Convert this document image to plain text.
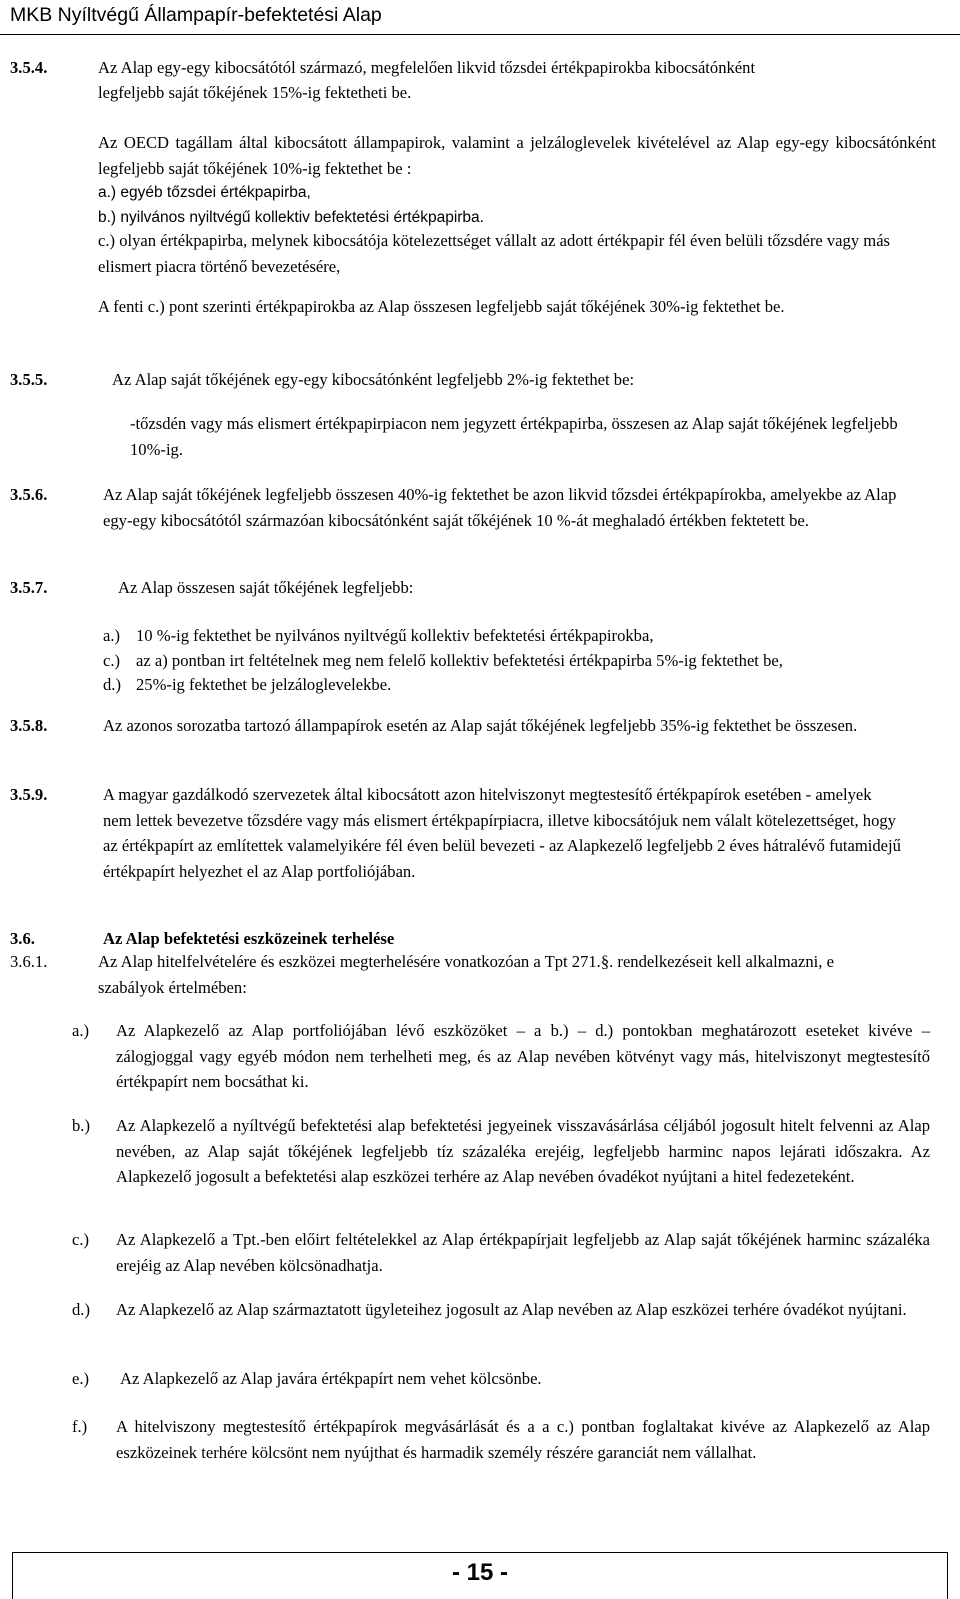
MKB Nyíltvégű Állampapír-befektetési Alap
3.5.4.	Az Alap egy-egy kibocsátótól származó, megfelelően likvid tőzsdei értékpapirokba kibocsátónként
legfeljebb saját tőkéjének 15%-ig fektetheti be.
Az OECD tagállam által kibocsátott állampapirok, valamint a jelzáloglevelek kivételével az Alap egy-egy kibocsátónként legfeljebb saját tőkéjének 10%-ig fektethet be :
a.) egyéb tőzsdei értékpapirba,
b.) nyilvános nyiltvégű kollektiv befektetési értékpapirba.
c.) olyan értékpapirba, melynek kibocsátója kötelezettséget vállalt az adott értékpapir fél éven belüli tőzsdére vagy más elismert piacra történő bevezetésére,
A fenti c.) pont szerinti értékpapirokba az Alap összesen legfeljebb saját tőkéjének 30%-ig fektethet be.
3.5.5.	Az Alap saját tőkéjének egy-egy kibocsátónként legfeljebb 2%-ig fektethet be:
-tőzsdén vagy más elismert értékpapirpiacon nem jegyzett értékpapirba, összesen az Alap saját tőkéjének legfeljebb 10%-ig.
3.5.6.	Az Alap saját tőkéjének legfeljebb összesen 40%-ig fektethet be azon likvid tőzsdei értékpapírokba, amelyekbe az Alap egy-egy kibocsátótól származóan kibocsátónként saját tőkéjének 10 %-át meghaladó értékben fektetett be.
3.5.7.	Az Alap összesen saját tőkéjének legfeljebb:
a.) 10 %-ig fektethet be nyilvános nyiltvégű kollektiv befektetési értékpapirokba,
c.) az a) pontban irt feltételnek meg nem felelő kollektiv befektetési értékpapirba 5%-ig fektethet be,
d.) 25%-ig fektethet be jelzáloglevelekbe.
3.5.8.	Az azonos sorozatba tartozó állampapírok esetén az Alap saját tőkéjének legfeljebb 35%-ig fektethet be összesen.
3.5.9.	A magyar gazdálkodó szervezetek által kibocsátott azon hitelviszonyt megtestesítő értékpapírok esetében - amelyek nem lettek bevezetve tőzsdére vagy más elismert értékpapírpiacra, illetve kibocsátójuk nem válalt kötelezettséget, hogy az értékpapírt az említettek valamelyikére fél éven belül bevezeti - az Alapkezelő legfeljebb 2 éves hátralévő futamidejű értékpapírt helyezhet el az Alap portfoliójában.
3.6.	Az Alap befektetési eszközeinek terhelése
3.6.1.	Az Alap hitelfelvételére és eszközei megterhelésére vonatkozóan a Tpt 271.§. rendelkezéseit kell alkalmazni, e szabályok értelmében:
a.) Az Alapkezelő az Alap portfoliójában lévő eszközöket – a b.) – d.) pontokban meghatározott eseteket kivéve – zálogjoggal vagy egyéb módon nem terhelheti meg, és az Alap nevében kötvényt vagy más, hitelviszonyt megtestesítő értékpapírt nem bocsáthat ki.
b.) Az Alapkezelő a nyíltvégű befektetési alap befektetési jegyeinek visszavásárlása céljából jogosult hitelt felvenni az Alap nevében, az Alap saját tőkéjének legfeljebb tíz százaléka erejéig, legfeljebb harminc napos lejárati időszakra. Az Alapkezelő jogosult a befektetési alap eszközei terhére az Alap nevében óvadékot nyújtani a hitel fedezeteként.
c.) Az Alapkezelő a Tpt.-ben előirt feltételekkel az Alap értékpapírjait legfeljebb az Alap saját tőkéjének harminc százaléka erejéig az Alap nevében kölcsönadhatja.
d.) Az Alapkezelő az Alap származtatott ügyleteihez jogosult az Alap nevében az Alap eszközei terhére óvadékot nyújtani.
e.) Az Alapkezelő az Alap javára értékpapírt nem vehet kölcsönbe.
f.) A hitelviszony megtestesítő értékpapírok megvásárlását és a a c.) pontban foglaltakat kivéve az Alapkezelő az Alap eszközeinek terhére kölcsönt nem nyújthat és harmadik személy részére garanciát nem vállalhat.
- 15 -
